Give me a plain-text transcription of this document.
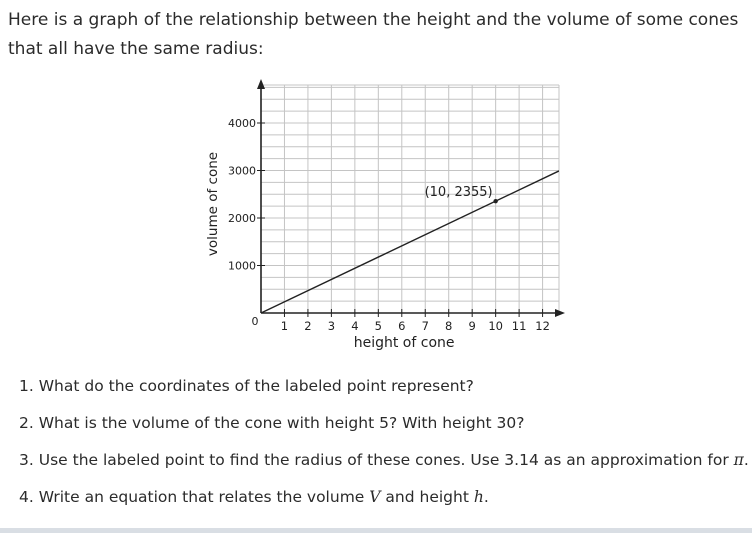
Here is a graph of the relationship between the height and the volume of some cones that all have the same radius:

1 2 3 4 5 6 7 8 9 10 11 12
1000
2000
3000
4000
0
height of cone
volume of cone	(10, 2355)
1. What do the coordinates of the labeled point represent?
2. What is the volume of the cone with height 5? With height 30?
3. Use the labeled point to find the radius of these cones. Use 3.14 as an approximation for π.
4. Write an equation that relates the volume V and height h.
